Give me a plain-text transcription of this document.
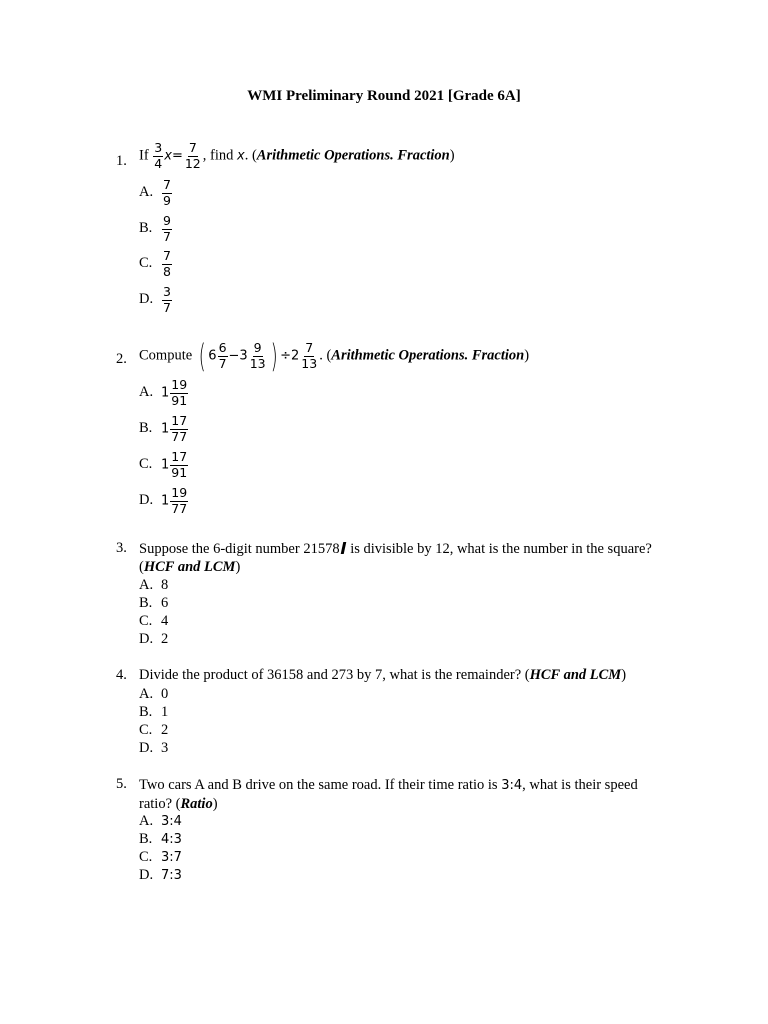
WMI Preliminary Round 2021 [Grade 6A]
1. If $\frac{3}{4} x= \frac{7}{12}$ , find x. (Arithmetic Operations. Fraction)
A. $\frac{7}{9}$
B. $\frac{9}{7}$
C. $\frac{7}{8}$
D. $\frac{3}{7}$
2. Compute ( $6 \frac{6}{7} -3 \frac{9}{13}$ ) $\div 2 \frac{7}{13}$ . (Arithmetic Operations. Fraction)
A. $1 \frac{19}{91}$
B. $1 \frac{17}{77}$
C. $1 \frac{17}{91}$
D. $1 \frac{19}{77}$
3. Suppose the 6-digit number 21578 is divisible by 12, what is the number in the square? (HCF and LCM)
A. 8
B. 6
C. 4
D. 2
4. Divide the product of 36158 and 273 by 7, what is the remainder? (HCF and LCM)
A. 0
B. 1
C. 2
D. 3
5. Two cars A and B drive on the same road. If their time ratio is 3:4, what is their speed ratio? (Ratio)
A. 3:4
B. 4:3
C. 3:7
D. 7:3
